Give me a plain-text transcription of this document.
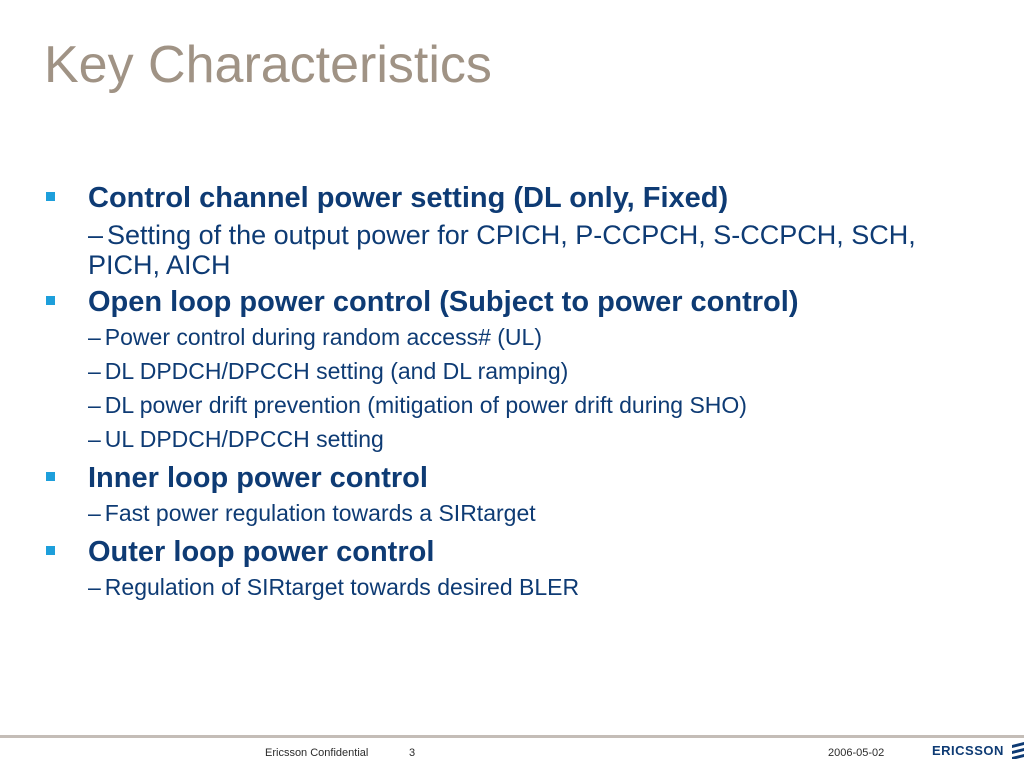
Key Characteristics
Control channel power setting (DL only, Fixed)
– Setting of the output power for CPICH, P-CCPCH, S-CCPCH, SCH, PICH, AICH
Open loop power control (Subject to power control)
– Power control during random access# (UL)
– DL DPDCH/DPCCH setting (and DL ramping)
– DL power drift prevention (mitigation of power drift during SHO)
– UL DPDCH/DPCCH setting
Inner loop power control
– Fast power regulation towards a SIRtarget
Outer loop power control
– Regulation of SIRtarget towards desired BLER
Ericsson Confidential	3	2006-05-02	ERICSSON
